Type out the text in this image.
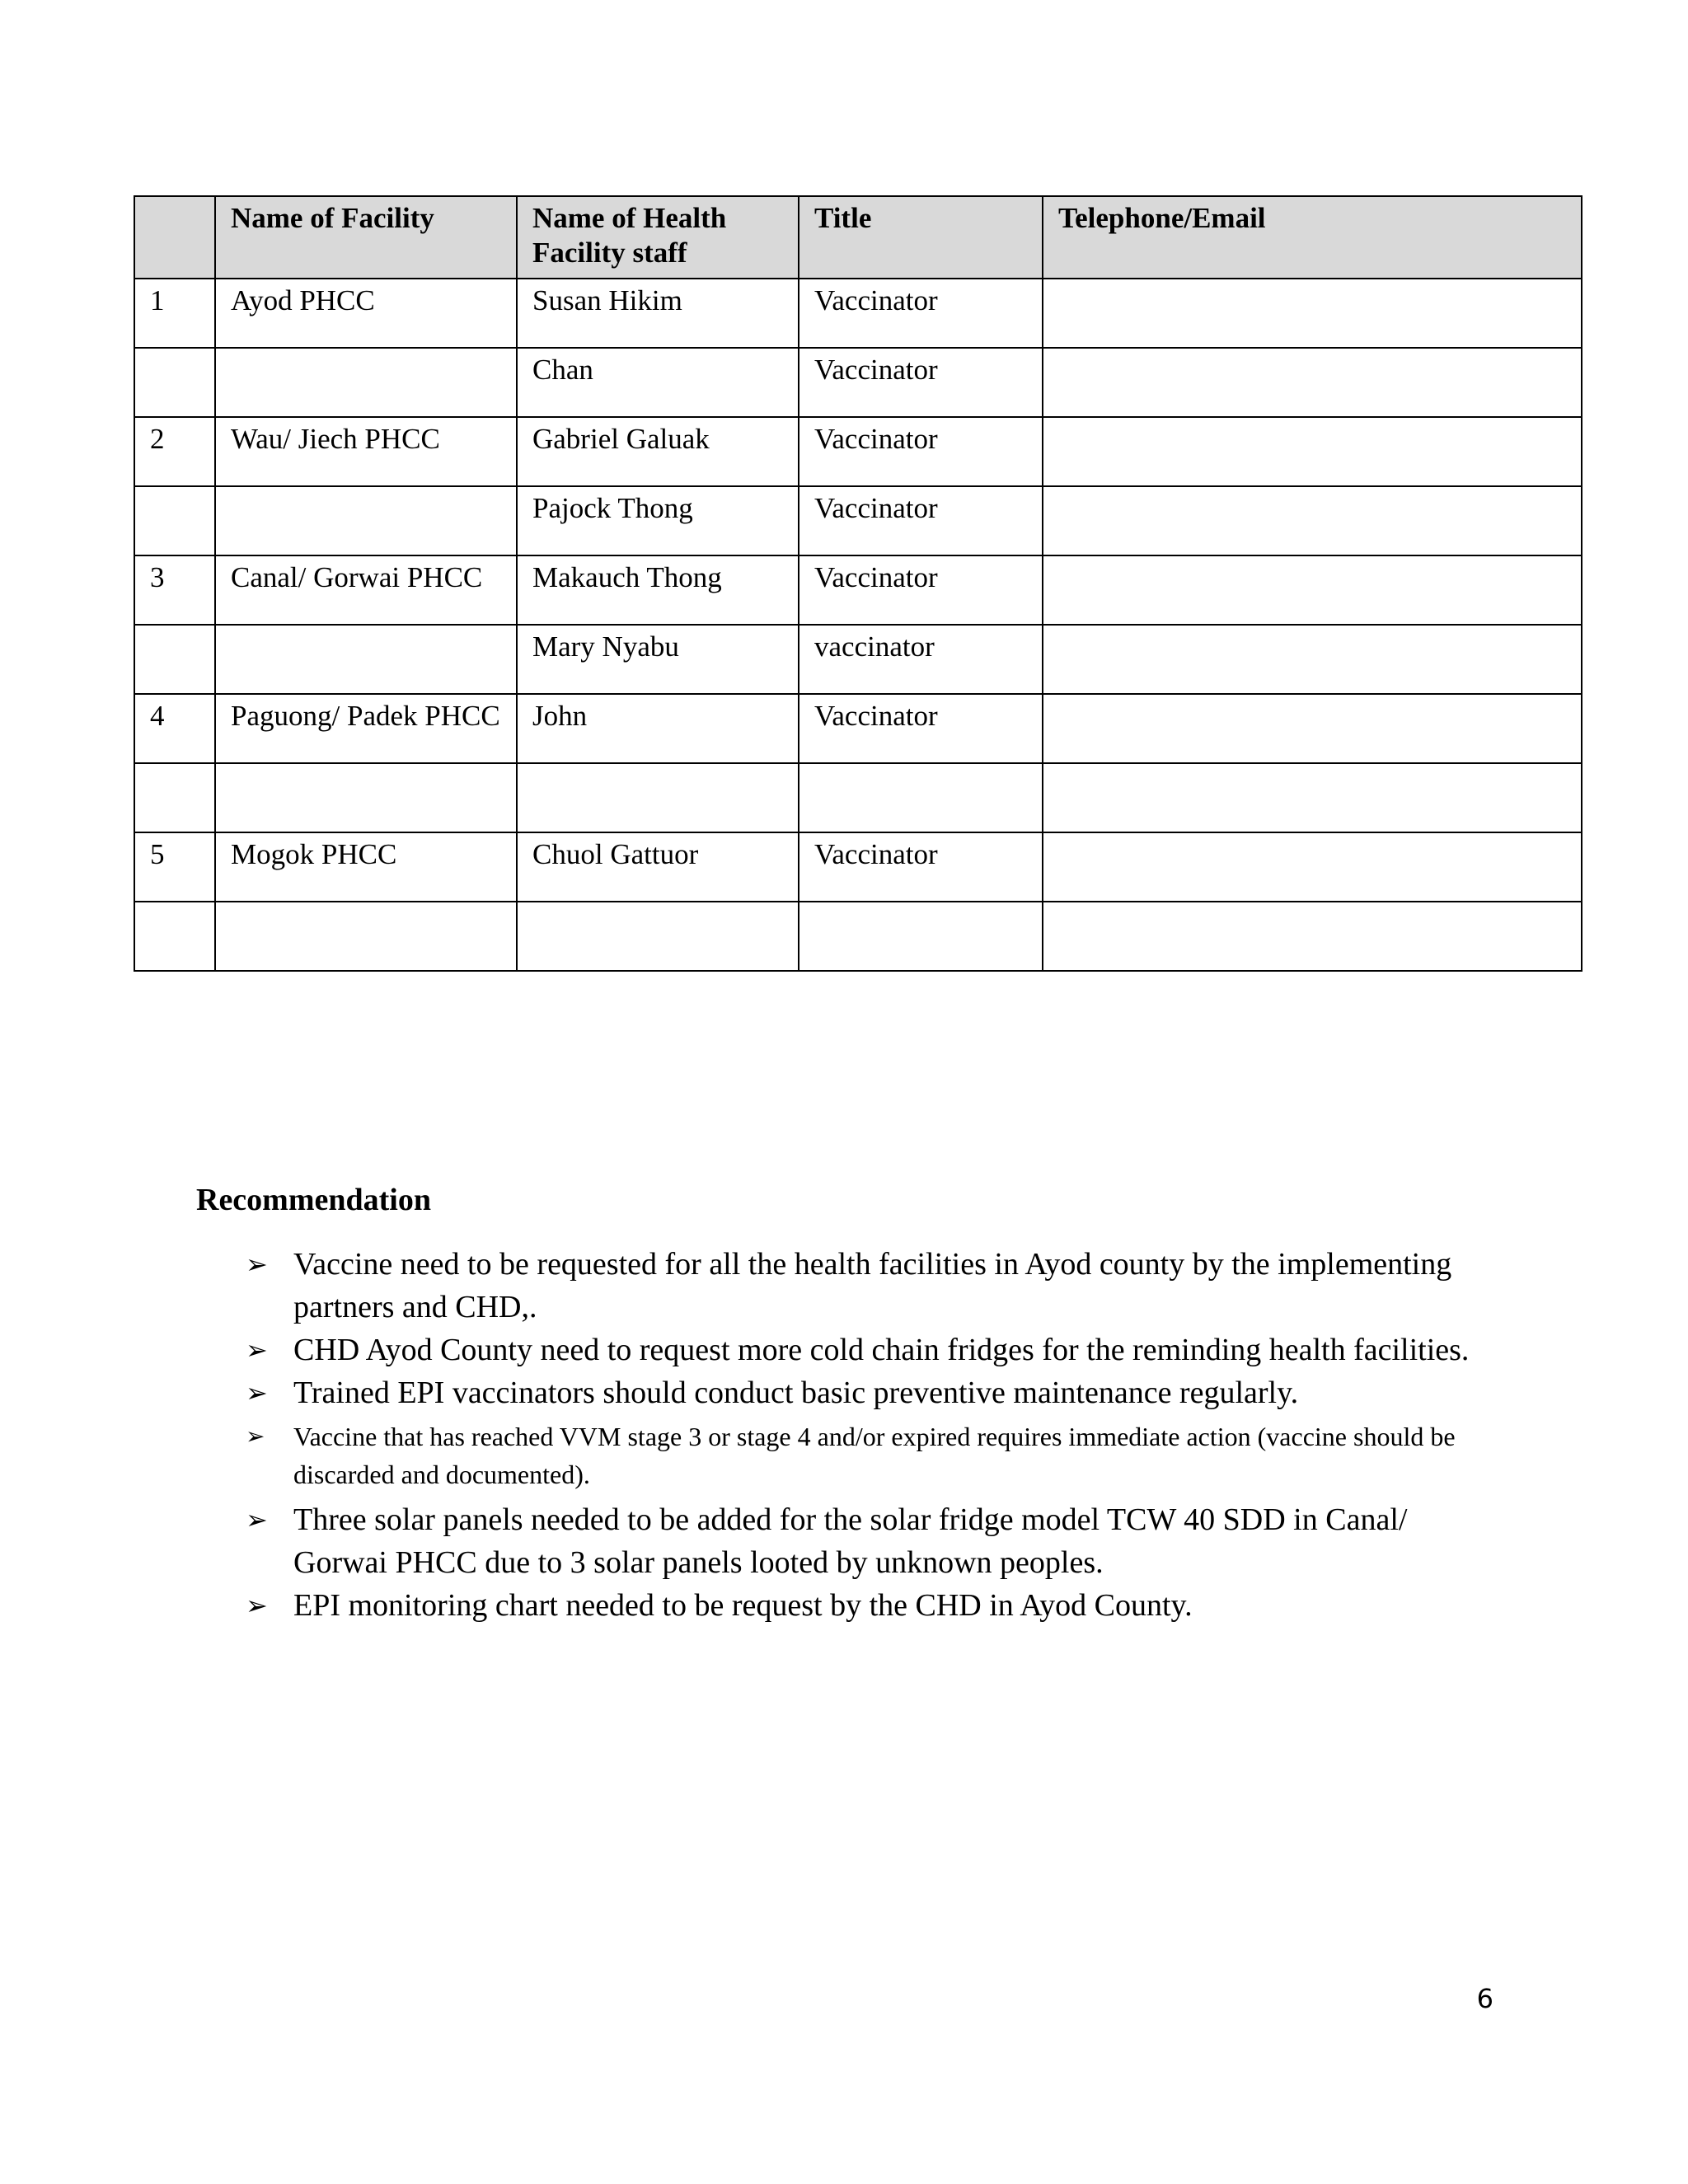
	Name of Facility	Name of Health Facility staff	Title	Telephone/Email
1	Ayod PHCC	Susan Hikim	Vaccinator	
		Chan	Vaccinator	
2	Wau/ Jiech PHCC	Gabriel Galuak	Vaccinator	
		Pajock Thong	Vaccinator	
3	Canal/ Gorwai PHCC	Makauch Thong	Vaccinator	
		Mary Nyabu	vaccinator	
4	Paguong/ Padek PHCC	John	Vaccinator	

5	Mogok PHCC	Chuol Gattuor	Vaccinator	

Recommendation
➢ Vaccine need to be requested for all the health facilities in Ayod county by the implementing partners and CHD,.
➢ CHD Ayod County need to request more cold chain fridges for the reminding health facilities.
➢ Trained EPI vaccinators should conduct basic preventive maintenance regularly.
➢ Vaccine that has reached VVM stage 3 or stage 4 and/or expired requires immediate action (vaccine should be discarded and documented).
➢ Three solar panels needed to be added for the solar fridge model TCW 40 SDD in Canal/ Gorwai PHCC due to 3 solar panels looted by unknown peoples.
➢ EPI monitoring chart needed to be request by the CHD in Ayod County.
6
